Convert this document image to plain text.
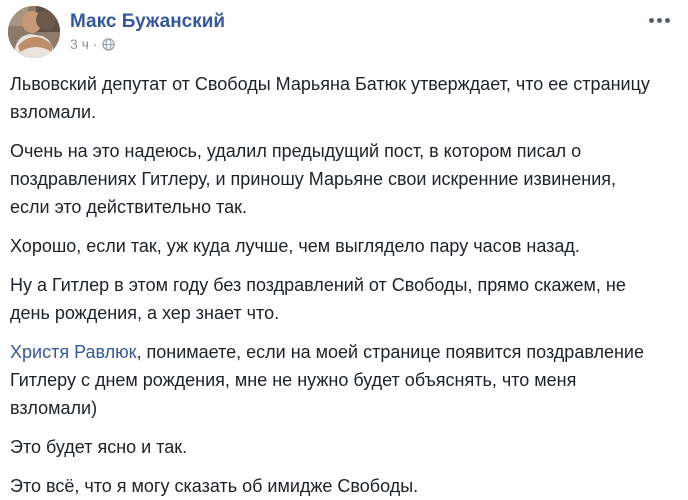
Макс Бужанский
3 ч ·

Львовский депутат от Свободы Марьяна Батюк утверждает, что ее страницу взломали.

Очень на это надеюсь, удалил предыдущий пост, в котором писал о поздравлениях Гитлеру, и приношу Марьяне свои искренние извинения, если это действительно так.

Хорошо, если так, уж куда лучше, чем выглядело пару часов назад.

Ну а Гитлер в этом году без поздравлений от Свободы, прямо скажем, не день рождения, а хер знает что.

Христя Равлюк, понимаете, если на моей странице появится поздравление Гитлеру с днем рождения, мне не нужно будет объяснять, что меня взломали)

Это будет ясно и так.

Это всё, что я могу сказать об имидже Свободы.
